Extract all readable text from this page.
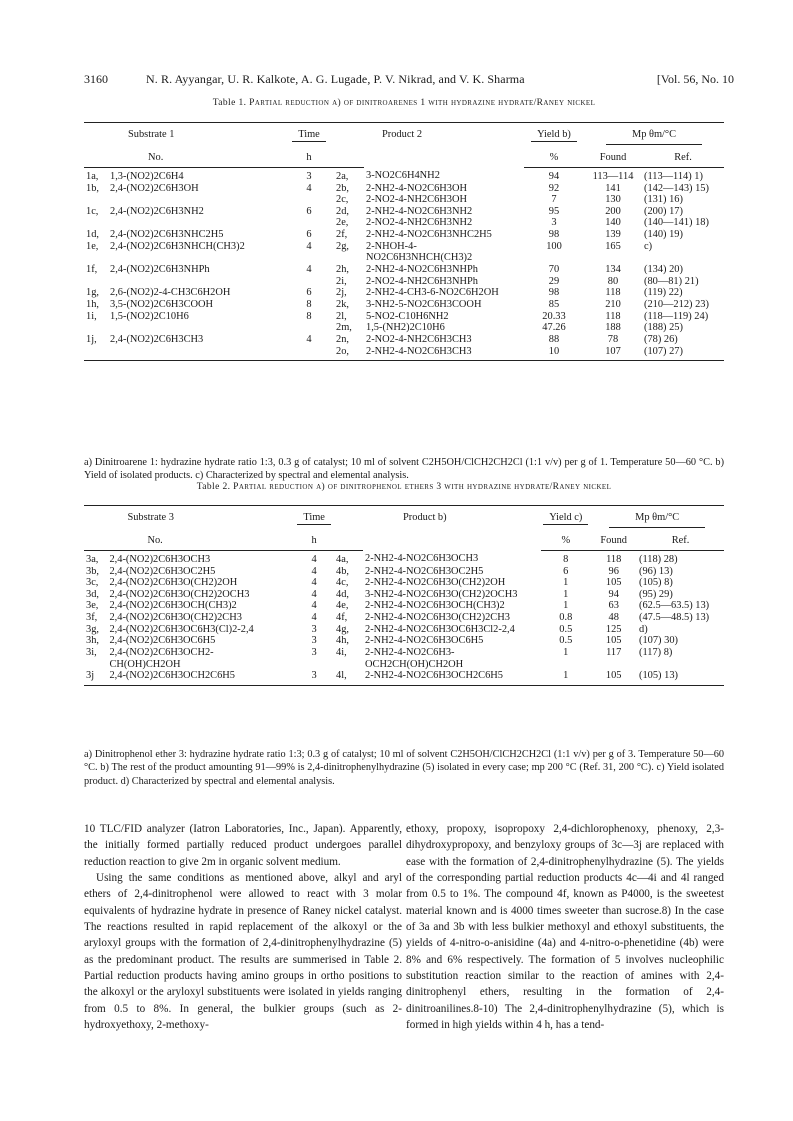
3160	N. R. Ayyangar, U. R. Kalkote, A. G. Lugade, P. V. Nikrad, and V. K. Sharma	[Vol. 56, No. 10
Table 1. Partial reduction a) of dinitroarenes 1 with hydrazine hydrate/Raney nickel
	Substrate 1	Time		Product 2	Yield b)	Mp θm/°C	

	No.	h			%	Found	Ref.
1a,	1,3-(NO2)2C6H4	3	2a,	3-NO2C6H4NH2	94	113—114	(113—114) 1)
1b,	2,4-(NO2)2C6H3OH	4	2b,	2-NH2-4-NO2C6H3OH	92	141	(142—143) 15)
			2c,	2-NO2-4-NH2C6H3OH	7	130	(131) 16)
1c,	2,4-(NO2)2C6H3NH2	6	2d,	2-NH2-4-NO2C6H3NH2	95	200	(200) 17)
			2e,	2-NO2-4-NH2C6H3NH2	3	140	(140—141) 18)
1d,	2,4-(NO2)2C6H3NHC2H5	6	2f,	2-NH2-4-NO2C6H3NHC2H5	98	139	(140) 19)
1e,	2,4-(NO2)2C6H3NHCH(CH3)2	4	2g,	2-NHOH-4-	100	165	c)
				NO2C6H3NHCH(CH3)2			
1f,	2,4-(NO2)2C6H3NHPh	4	2h,	2-NH2-4-NO2C6H3NHPh	70	134	(134) 20)
			2i,	2-NO2-4-NH2C6H3NHPh	29	80	(80—81) 21)
1g,	2,6-(NO2)2-4-CH3C6H2OH	6	2j,	2-NH2-4-CH3-6-NO2C6H2OH	98	118	(119) 22)
1h,	3,5-(NO2)2C6H3COOH	8	2k,	3-NH2-5-NO2C6H3COOH	85	210	(210—212) 23)
1i,	1,5-(NO2)2C10H6	8	2l,	5-NO2-C10H6NH2	20.33	118	(118—119) 24)
			2m,	1,5-(NH2)2C10H6	47.26	188	(188) 25)
1j,	2,4-(NO2)2C6H3CH3	4	2n,	2-NO2-4-NH2C6H3CH3	88	78	(78) 26)
			2o,	2-NH2-4-NO2C6H3CH3	10	107	(107) 27)
a) Dinitroarene 1: hydrazine hydrate ratio 1:3, 0.3 g of catalyst; 10 ml of solvent C2H5OH/ClCH2CH2Cl (1:1 v/v) per g of 1. Temperature 50—60 °C. b) Yield of isolated products. c) Characterized by spectral and elemental analysis.
Table 2. Partial reduction a) of dinitrophenol ethers 3 with hydrazine hydrate/Raney nickel
	Substrate 3	Time		Product b)	Yield c)	Mp θm/°C	

	No.	h			%	Found	Ref.
3a,	2,4-(NO2)2C6H3OCH3	4	4a,	2-NH2-4-NO2C6H3OCH3	8	118	(118) 28)
3b,	2,4-(NO2)2C6H3OC2H5	4	4b,	2-NH2-4-NO2C6H3OC2H5	6	96	(96) 13)
3c,	2,4-(NO2)2C6H3O(CH2)2OH	4	4c,	2-NH2-4-NO2C6H3O(CH2)2OH	1	105	(105) 8)
3d,	2,4-(NO2)2C6H3O(CH2)2OCH3	4	4d,	3-NH2-4-NO2C6H3O(CH2)2OCH3	1	94	(95) 29)
3e,	2,4-(NO2)2C6H3OCH(CH3)2	4	4e,	2-NH2-4-NO2C6H3OCH(CH3)2	1	63	(62.5—63.5) 13)
3f,	2,4-(NO2)2C6H3O(CH2)2CH3	4	4f,	2-NH2-4-NO2C6H3O(CH2)2CH3	0.8	48	(47.5—48.5) 13)
3g,	2,4-(NO2)2C6H3OC6H3(Cl)2-2,4	3	4g,	2-NH2-4-NO2C6H3OC6H3Cl2-2,4	0.5	125	d)
3h,	2,4-(NO2)2C6H3OC6H5	3	4h,	2-NH2-4-NO2C6H3OC6H5	0.5	105	(107) 30)
3i,	2,4-(NO2)2C6H3OCH2-	3	4i,	2-NH2-4-NO2C6H3-	1	117	(117) 8)
	CH(OH)CH2OH			OCH2CH(OH)CH2OH			
3j	2,4-(NO2)2C6H3OCH2C6H5	3	4l,	2-NH2-4-NO2C6H3OCH2C6H5	1	105	(105) 13)
a) Dinitrophenol ether 3: hydrazine hydrate ratio 1:3; 0.3 g of catalyst; 10 ml of solvent C2H5OH/ClCH2CH2Cl (1:1 v/v) per g of 3. Temperature 50—60 °C. b) The rest of the product amounting 91—99% is 2,4-dinitrophenylhydrazine (5) isolated in every case; mp 200 °C (Ref. 31, 200 °C). c) Yield isolated product. d) Characterized by spectral and elemental analysis.

10 TLC/FID analyzer (Iatron Laboratories, Inc., Japan). Apparently, the initially formed partially reduced product undergoes parallel reduction reaction to give 2m in organic solvent medium.

Using the same conditions as mentioned above, alkyl and aryl ethers of 2,4-dinitrophenol were allowed to react with 3 molar equivalents of hydrazine hydrate in presence of Raney nickel catalyst. The reactions resulted in rapid replacement of the alkoxyl or the aryloxyl groups with the formation of 2,4-dinitrophenylhydrazine (5) as the predominant product. The results are summerised in Table 2. Partial reduction products having amino groups in ortho positions to the alkoxyl or the aryloxyl substituents were isolated in yields ranging from 0.5 to 8%. In general, the bulkier groups (such as 2-hydroxyethoxy, 2-methoxy-

ethoxy, propoxy, isopropoxy 2,4-dichlorophenoxy, phenoxy, 2,3-dihydroxypropoxy, and benzyloxy groups of 3c—3j are replaced with ease with the formation of 2,4-dinitrophenylhydrazine (5). The yields of the corresponding partial reduction products 4c—4i and 4l ranged from 0.5 to 1%. The compound 4f, known as P4000, is the sweetest material known and is 4000 times sweeter than sucrose.8) In the case of 3a and 3b with less bulkier methoxyl and ethoxyl substituents, the yields of 4-nitro-o-anisidine (4a) and 4-nitro-o-phenetidine (4b) were 8% and 6% respectively. The formation of 5 involves nucleophilic substitution reaction similar to the reaction of amines with 2,4-dinitrophenyl ethers, resulting in the formation of 2,4-dinitroanilines.8-10) The 2,4-dinitrophenylhydrazine (5), which is formed in high yields within 4 h, has a tend-
